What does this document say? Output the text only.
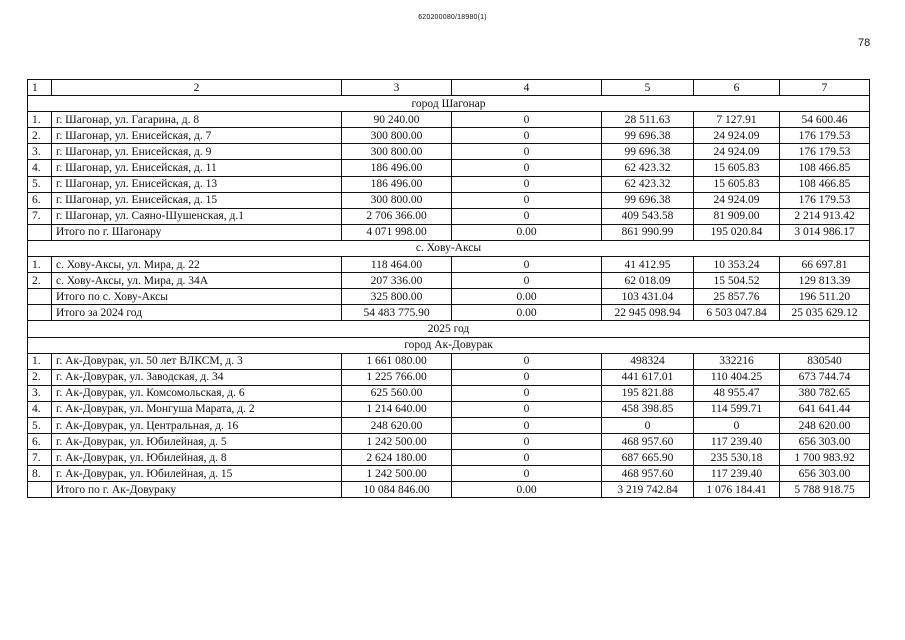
620200080/18980(1)
78
1	2	3	4	5	6	7
город Шагонар						
1.	г. Шагонар, ул. Гагарина, д. 8	90 240.00	0	28 511.63	7 127.91	54 600.46
2.	г. Шагонар, ул. Енисейская, д. 7	300 800.00	0	99 696.38	24 924.09	176 179.53
3.	г. Шагонар, ул. Енисейская, д. 9	300 800.00	0	99 696.38	24 924.09	176 179.53
4.	г. Шагонар, ул. Енисейская, д. 11	186 496.00	0	62 423.32	15 605.83	108 466.85
5.	г. Шагонар, ул. Енисейская, д. 13	186 496.00	0	62 423.32	15 605.83	108 466.85
6.	г. Шагонар, ул. Енисейская, д. 15	300 800.00	0	99 696.38	24 924.09	176 179.53
7.	г. Шагонар, ул. Саяно-Шушенская, д.1	2 706 366.00	0	409 543.58	81 909.00	2 214 913.42
	Итого по г. Шагонару	4 071 998.00	0.00	861 990.99	195 020.84	3 014 986.17
с. Хову-Аксы						
1.	с. Хову-Аксы, ул. Мира, д. 22	118 464.00	0	41 412.95	10 353.24	66 697.81
2.	с. Хову-Аксы, ул. Мира, д. 34А	207 336.00	0	62 018.09	15 504.52	129 813.39
	Итого по с. Хову-Аксы	325 800.00	0.00	103 431.04	25 857.76	196 511.20
	Итого за 2024 год	54 483 775.90	0.00	22 945 098.94	6 503 047.84	25 035 629.12
2025 год						
город Ак-Довурак						
1.	г. Ак-Довурак, ул. 50 лет ВЛКСМ, д. 3	1 661 080.00	0	498324	332216	830540
2.	г. Ак-Довурак, ул. Заводская, д. 34	1 225 766.00	0	441 617.01	110 404.25	673 744.74
3.	г. Ак-Довурак, ул. Комсомольская, д. 6	625 560.00	0	195 821.88	48 955.47	380 782.65
4.	г. Ак-Довурак, ул. Монгуша Марата, д. 2	1 214 640.00	0	458 398.85	114 599.71	641 641.44
5.	г. Ак-Довурак, ул. Центральная, д. 16	248 620.00	0	0	0	248 620.00
6.	г. Ак-Довурак, ул. Юбилейная, д. 5	1 242 500.00	0	468 957.60	117 239.40	656 303.00
7.	г. Ак-Довурак, ул. Юбилейная, д. 8	2 624 180.00	0	687 665.90	235 530.18	1 700 983.92
8.	г. Ак-Довурак, ул. Юбилейная, д. 15	1 242 500.00	0	468 957.60	117 239.40	656 303.00
	Итого по г. Ак-Довураку	10 084 846.00	0.00	3 219 742.84	1 076 184.41	5 788 918.75
